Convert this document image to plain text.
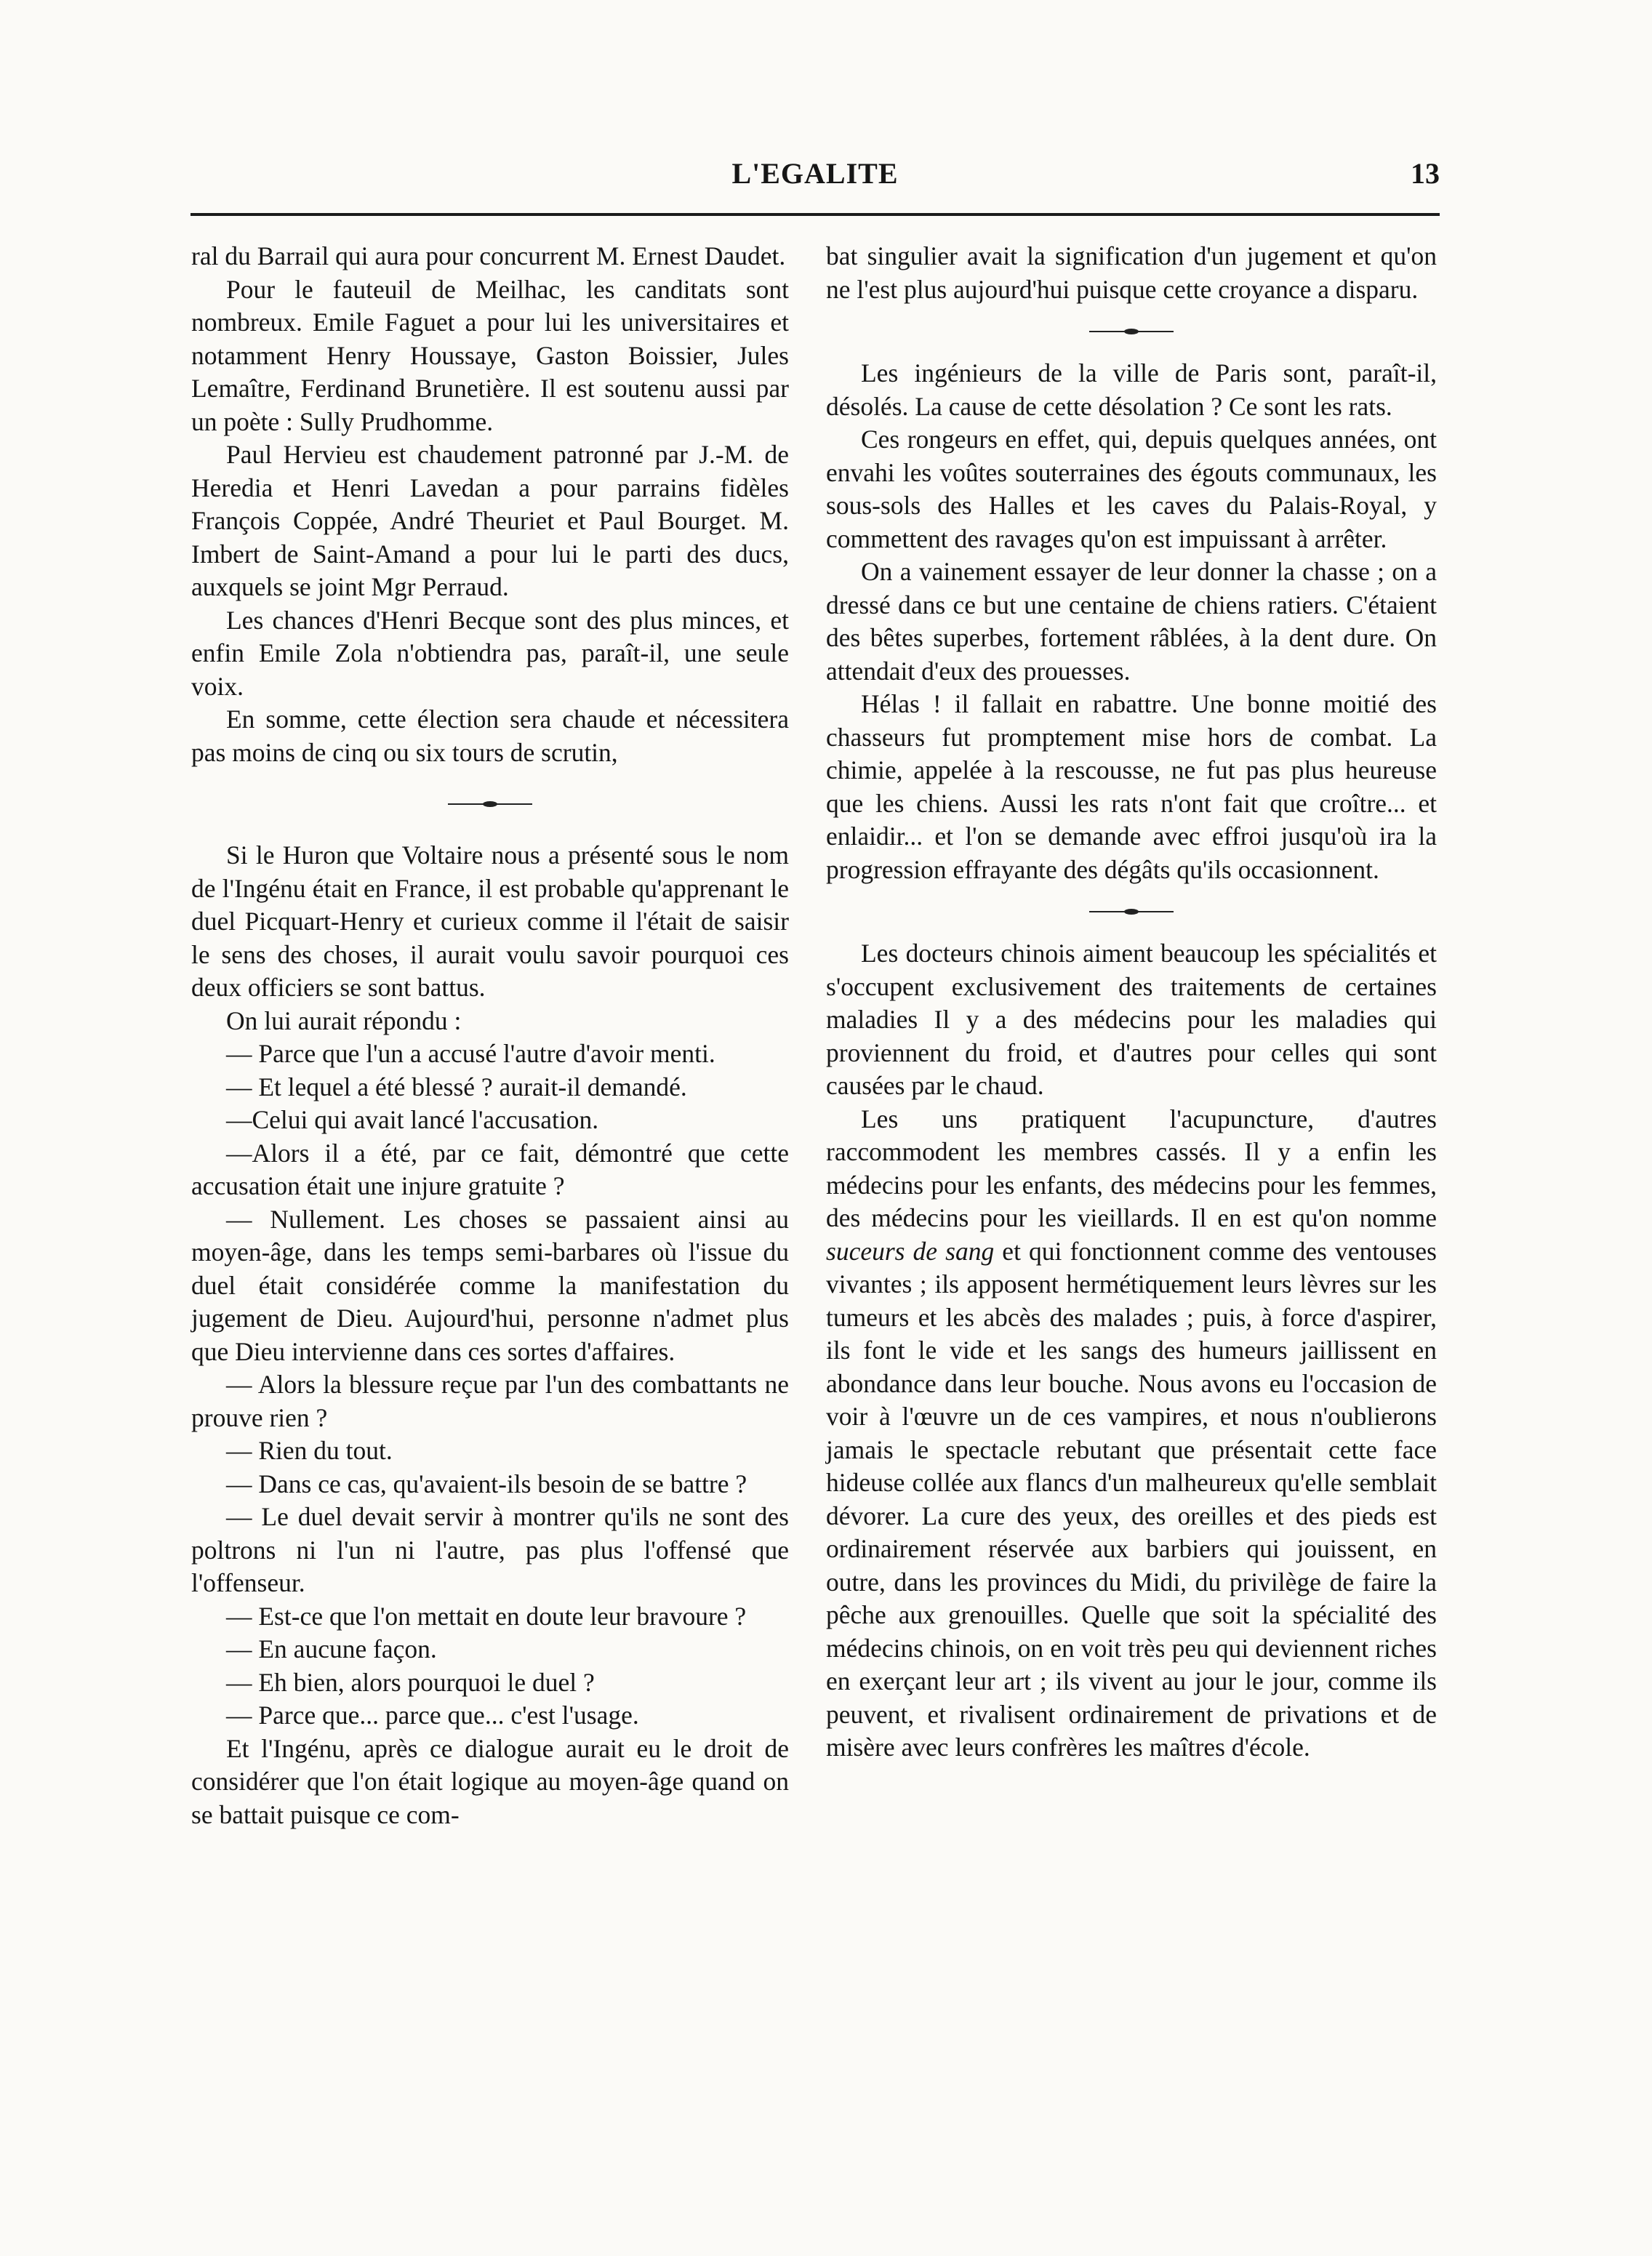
L'EGALITE	13

ral du Barrail qui aura pour concurrent M. Ernest Daudet.

Pour le fauteuil de Meilhac, les canditats sont nombreux. Emile Faguet a pour lui les universitaires et notamment Henry Houssaye, Gaston Boissier, Jules Lemaître, Ferdinand Brunetière. Il est soutenu aussi par un poète : Sully Prudhomme.

Paul Hervieu est chaudement patronné par J.-M. de Heredia et Henri Lavedan a pour parrains fidèles François Coppée, André Theuriet et Paul Bourget. M. Imbert de Saint-Amand a pour lui le parti des ducs, auxquels se joint Mgr Perraud.

Les chances d'Henri Becque sont des plus minces, et enfin Emile Zola n'obtiendra pas, paraît-il, une seule voix.

En somme, cette élection sera chaude et nécessitera pas moins de cinq ou six tours de scrutin,

Si le Huron que Voltaire nous a présenté sous le nom de l'Ingénu était en France, il est probable qu'apprenant le duel Picquart-Henry et curieux comme il l'était de saisir le sens des choses, il aurait voulu savoir pourquoi ces deux officiers se sont battus.

On lui aurait répondu :

— Parce que l'un a accusé l'autre d'avoir menti.

— Et lequel a été blessé ? aurait-il demandé.

—Celui qui avait lancé l'accusation.

—Alors il a été, par ce fait, démontré que cette accusation était une injure gratuite ?

— Nullement. Les choses se passaient ainsi au moyen-âge, dans les temps semi-barbares où l'issue du duel était considérée comme la manifestation du jugement de Dieu. Aujourd'hui, personne n'admet plus que Dieu intervienne dans ces sortes d'affaires.

— Alors la blessure reçue par l'un des combattants ne prouve rien ?

— Rien du tout.

— Dans ce cas, qu'avaient-ils besoin de se battre ?

— Le duel devait servir à montrer qu'ils ne sont des poltrons ni l'un ni l'autre, pas plus l'offensé que l'offenseur.

— Est-ce que l'on mettait en doute leur bravoure ?

— En aucune façon.

— Eh bien, alors pourquoi le duel ?

— Parce que... parce que... c'est l'usage.

Et l'Ingénu, après ce dialogue aurait eu le droit de considérer que l'on était logique au moyen-âge quand on se battait puisque ce com-

bat singulier avait la signification d'un jugement et qu'on ne l'est plus aujourd'hui puisque cette croyance a disparu.

Les ingénieurs de la ville de Paris sont, paraît-il, désolés. La cause de cette désolation ? Ce sont les rats.

Ces rongeurs en effet, qui, depuis quelques années, ont envahi les voûtes souterraines des égouts communaux, les sous-sols des Halles et les caves du Palais-Royal, y commettent des ravages qu'on est impuissant à arrêter.

On a vainement essayer de leur donner la chasse ; on a dressé dans ce but une centaine de chiens ratiers. C'étaient des bêtes superbes, fortement râblées, à la dent dure. On attendait d'eux des prouesses.

Hélas ! il fallait en rabattre. Une bonne moitié des chasseurs fut promptement mise hors de combat. La chimie, appelée à la rescousse, ne fut pas plus heureuse que les chiens. Aussi les rats n'ont fait que croître... et enlaidir... et l'on se demande avec effroi jusqu'où ira la progression effrayante des dégâts qu'ils occasionnent.

Les docteurs chinois aiment beaucoup les spécialités et s'occupent exclusivement des traitements de certaines maladies Il y a des médecins pour les maladies qui proviennent du froid, et d'autres pour celles qui sont causées par le chaud.

Les uns pratiquent l'acupuncture, d'autres raccommodent les membres cassés. Il y a enfin les médecins pour les enfants, des médecins pour les femmes, des médecins pour les vieillards. Il en est qu'on nomme suceurs de sang et qui fonctionnent comme des ventouses vivantes ; ils apposent hermétiquement leurs lèvres sur les tumeurs et les abcès des malades ; puis, à force d'aspirer, ils font le vide et les sangs des humeurs jaillissent en abondance dans leur bouche. Nous avons eu l'occasion de voir à l'œuvre un de ces vampires, et nous n'oublierons jamais le spectacle rebutant que présentait cette face hideuse collée aux flancs d'un malheureux qu'elle semblait dévorer. La cure des yeux, des oreilles et des pieds est ordinairement réservée aux barbiers qui jouissent, en outre, dans les provinces du Midi, du privilège de faire la pêche aux grenouilles. Quelle que soit la spécialité des médecins chinois, on en voit très peu qui deviennent riches en exerçant leur art ; ils vivent au jour le jour, comme ils peuvent, et rivalisent ordinairement de privations et de misère avec leurs confrères les maîtres d'école.
